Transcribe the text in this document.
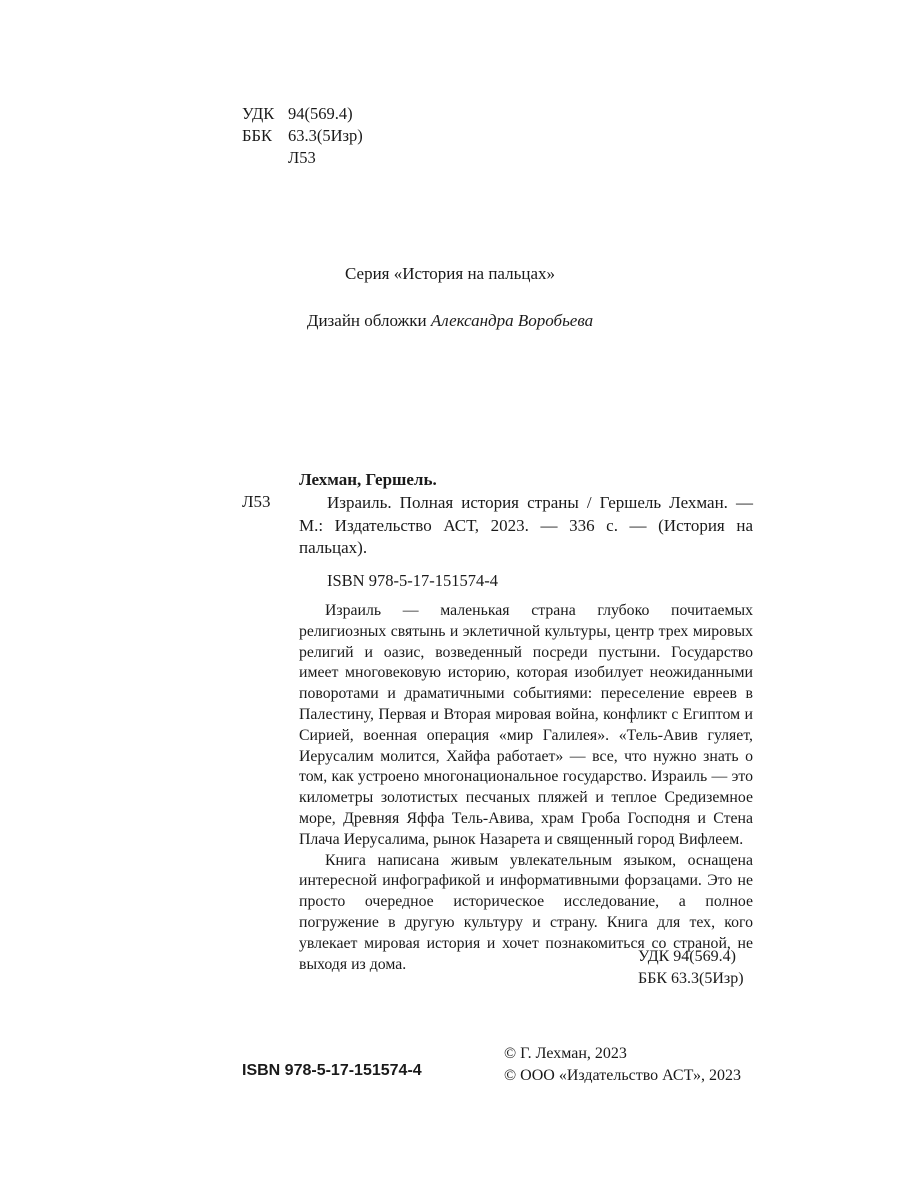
УДК 94(569.4)
ББК 63.3(5Изр)
Л53
Серия «История на пальцах»
Дизайн обложки Александра Воробьева
Лехман, Гершель.
Л53	Израиль. Полная история страны / Гершель Лехман. — М.: Издательство АСТ, 2023. — 336 с. — (История на пальцах).

ISBN 978-5-17-151574-4

Израиль — маленькая страна глубоко почитаемых религиозных святынь и эклетичной культуры, центр трех мировых религий и оазис, возведенный посреди пустыни. Государство имеет многовековую историю, которая изобилует неожиданными поворотами и драматичными событиями: переселение евреев в Палестину, Первая и Вторая мировая война, конфликт с Египтом и Сирией, военная операция «мир Галилея». «Тель-Авив гуляет, Иерусалим молится, Хайфа работает» — все, что нужно знать о том, как устроено многонациональное государство. Израиль — это километры золотистых песчаных пляжей и теплое Средиземное море, Древняя Яффа Тель-Авива, храм Гроба Господня и Стена Плача Иерусалима, рынок Назарета и священный город Вифлеем.

Книга написана живым увлекательным языком, оснащена интересной инфографикой и информативными форзацами. Это не просто очередное историческое исследование, а полное погружение в другую культуру и страну. Книга для тех, кого увлекает мировая история и хочет познакомиться со страной, не выходя из дома.	УДК 94(569.4)
ББК 63.3(5Изр)
© Г. Лехман, 2023
© ООО «Издательство АСТ», 2023
ISBN 978-5-17-151574-4
